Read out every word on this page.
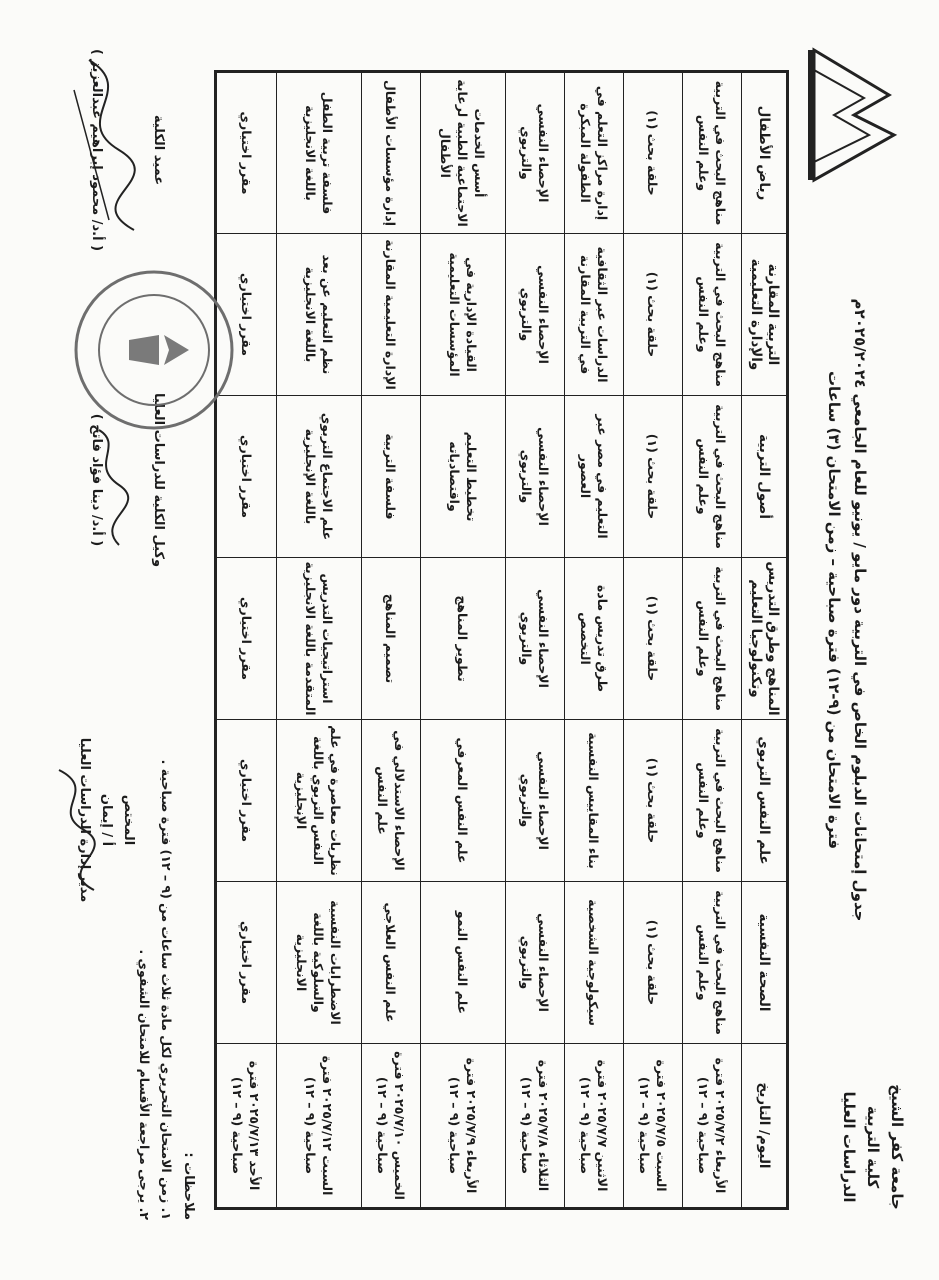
جامعة كفر الشيخ
كلية التربية
الدراسات العليا
جدول إمتحانات الدبلوم الخاص في التربية دور مايو / يونيو للعام الجامعي ٢٠٢٥/٢٠٢٤م
فترة الامتحان من (٩-١٢) فترة صباحية – زمن الامتحان (٣) ساعات
اليوم/ التاريخ	الصحة النفسية	علم النفس التربوي	المناهج وطرق التدريس وتكنولوجيا التعليم	أصول التربية	التربية المقارنة والإدارة التعليمية	رياض الأطفال
الأربعاء ٢٠٢٥/٧/٢ فترة صباحية (٩ – ١٢)	مناهج البحث في التربية وعلم النفس	مناهج البحث في التربية وعلم النفس	مناهج البحث في التربية وعلم النفس	مناهج البحث في التربية وعلم النفس	مناهج البحث في التربية وعلم النفس	مناهج البحث في التربية وعلم النفس
السبت ٢٠٢٥/٧/٥ فترة صباحية (٩ – ١٢)	حلقة بحث (١)	حلقة بحث (١)	حلقة بحث (١)	حلقة بحث (١)	حلقة بحث (١)	حلقة بحث (١)
الاثنين ٢٠٢٥/٧/٧ فترة صباحية (٩ – ١٢)	سيكولوجية الشخصية	بناء المقاييس النفسية	طرق تدريس مادة التخصص	التعليم في مصر عبر العصور	الدراسات عبر الثقافية في التربية المقارنة	إدارة مراكز التعلم في الطفولة المبكرة
الثلاثاء ٢٠٢٥/٧/٨ فترة صباحية (٩ – ١٢)	الإحصاء النفسي والتربوي	الإحصاء النفسي والتربوي	الإحصاء النفسي والتربوي	الإحصاء النفسي والتربوي	الإحصاء النفسي والتربوي	الإحصاء النفسي والتربوي
الأربعاء ٢٠٢٥/٧/٩ فترة صباحية (٩ – ١٢)	علم النفس النمو	علم النفس المعرفي	تطوير المناهج	تخطيط التعليم واقتصادياته	القيادة الإدارية في المؤسسات التعليمية	أسس الخدمات الاجتماعية الطبية لرعاية الأطفال
الخميس ٢٠٢٥/٧/١٠ فترة صباحية (٩ – ١٢)	علم النفس العلاجي	الإحصاء الاستدلالي في علم النفس	تصميم المناهج	فلسفة التربية	الإدارة التعليمية المقارنة	إدارة مؤسسات الأطفال
السبت ٢٠٢٥/٧/١٢ فترة صباحية (٩ – ١٢)	الاضطرابات النفسية والسلوكية باللغة الانجليزية	نظريات معاصرة في علم النفس التربوي باللغة الإنجليزية	استراتيجيات التدريس المتقدمة باللغة الانجليزية	علم الاجتماع التربوي باللغة الإنجليزية	نظم التعليم عن بعد باللغة الانجليزية	فلسفة تربية الطفل باللغة الانجليزية
الأحد ٢٠٢٥/٧/١٣ فترة صباحية (٩ – ١٢)	مقرر اختياري	مقرر اختياري	مقرر اختياري	مقرر اختياري	مقرر اختياري	مقرر اختياري
ملاحظات :
١. زمن الامتحان التحريري لكل مادة ثلاث ساعات من (٩ – ١٢) فترة صباحية .
٢. يرجى مراجعة الأقسام للامتحان الشفوي .
المختص
أ / إيمان
مدير إدارة الدراسات العليا
وكيل الكلية للدراسات العليا
( أ.د/ دينا فؤاد فاتح )
عميد الكلية
( أ.د/ محمود إبراهيم عبدالعزيز )
